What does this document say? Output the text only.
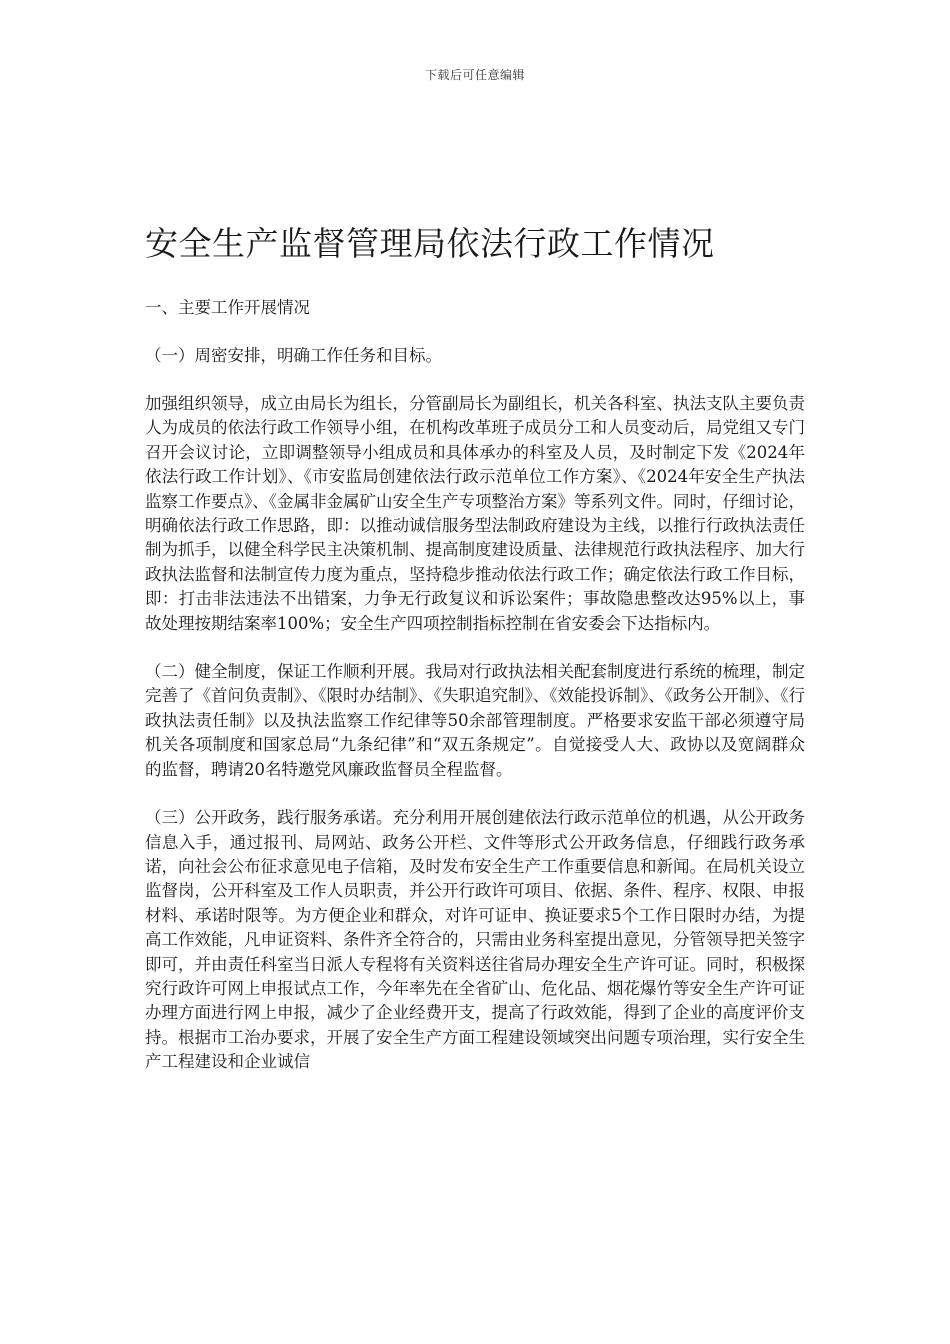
下载后可任意编辑
安全生产监督管理局依法行政工作情况

一、主要工作开展情况

（一）周密安排，明确工作任务和目标。

加强组织领导，成立由局长为组长，分管副局长为副组长，机关各科室、执法支队主要负责人为成员的依法行政工作领导小组，在机构改革班子成员分工和人员变动后，局党组又专门召开会议讨论，立即调整领导小组成员和具体承办的科室及人员，及时制定下发《2024年依法行政工作计划》、《市安监局创建依法行政示范单位工作方案》、《2024年安全生产执法监察工作要点》、《金属非金属矿山安全生产专项整治方案》等系列文件。同时，仔细讨论，明确依法行政工作思路，即：以推动诚信服务型法制政府建设为主线，以推行行政执法责任制为抓手，以健全科学民主决策机制、提高制度建设质量、法律规范行政执法程序、加大行政执法监督和法制宣传力度为重点，坚持稳步推动依法行政工作；确定依法行政工作目标，即：打击非法违法不出错案，力争无行政复议和诉讼案件；事故隐患整改达95%以上，事故处理按期结案率100%；安全生产四项控制指标控制在省安委会下达指标内。

（二）健全制度，保证工作顺利开展。我局对行政执法相关配套制度进行系统的梳理，制定完善了《首问负责制》、《限时办结制》、《失职追究制》、《效能投诉制》、《政务公开制》、《行政执法责任制》以及执法监察工作纪律等50余部管理制度。严格要求安监干部必须遵守局机关各项制度和国家总局“九条纪律”和“双五条规定”。自觉接受人大、政协以及宽阔群众的监督，聘请20名特邀党风廉政监督员全程监督。

（三）公开政务，践行服务承诺。充分利用开展创建依法行政示范单位的机遇，从公开政务信息入手，通过报刊、局网站、政务公开栏、文件等形式公开政务信息，仔细践行政务承诺，向社会公布征求意见电子信箱，及时发布安全生产工作重要信息和新闻。在局机关设立监督岗，公开科室及工作人员职责，并公开行政许可项目、依据、条件、程序、权限、申报材料、承诺时限等。为方便企业和群众，对许可证申、换证要求5个工作日限时办结，为提高工作效能，凡申证资料、条件齐全符合的，只需由业务科室提出意见，分管领导把关签字即可，并由责任科室当日派人专程将有关资料送往省局办理安全生产许可证。同时，积极探究行政许可网上申报试点工作，今年率先在全省矿山、危化品、烟花爆竹等安全生产许可证办理方面进行网上申报，减少了企业经费开支，提高了行政效能，得到了企业的高度评价支持。根据市工治办要求，开展了安全生产方面工程建设领域突出问题专项治理，实行安全生产工程建设和企业诚信
